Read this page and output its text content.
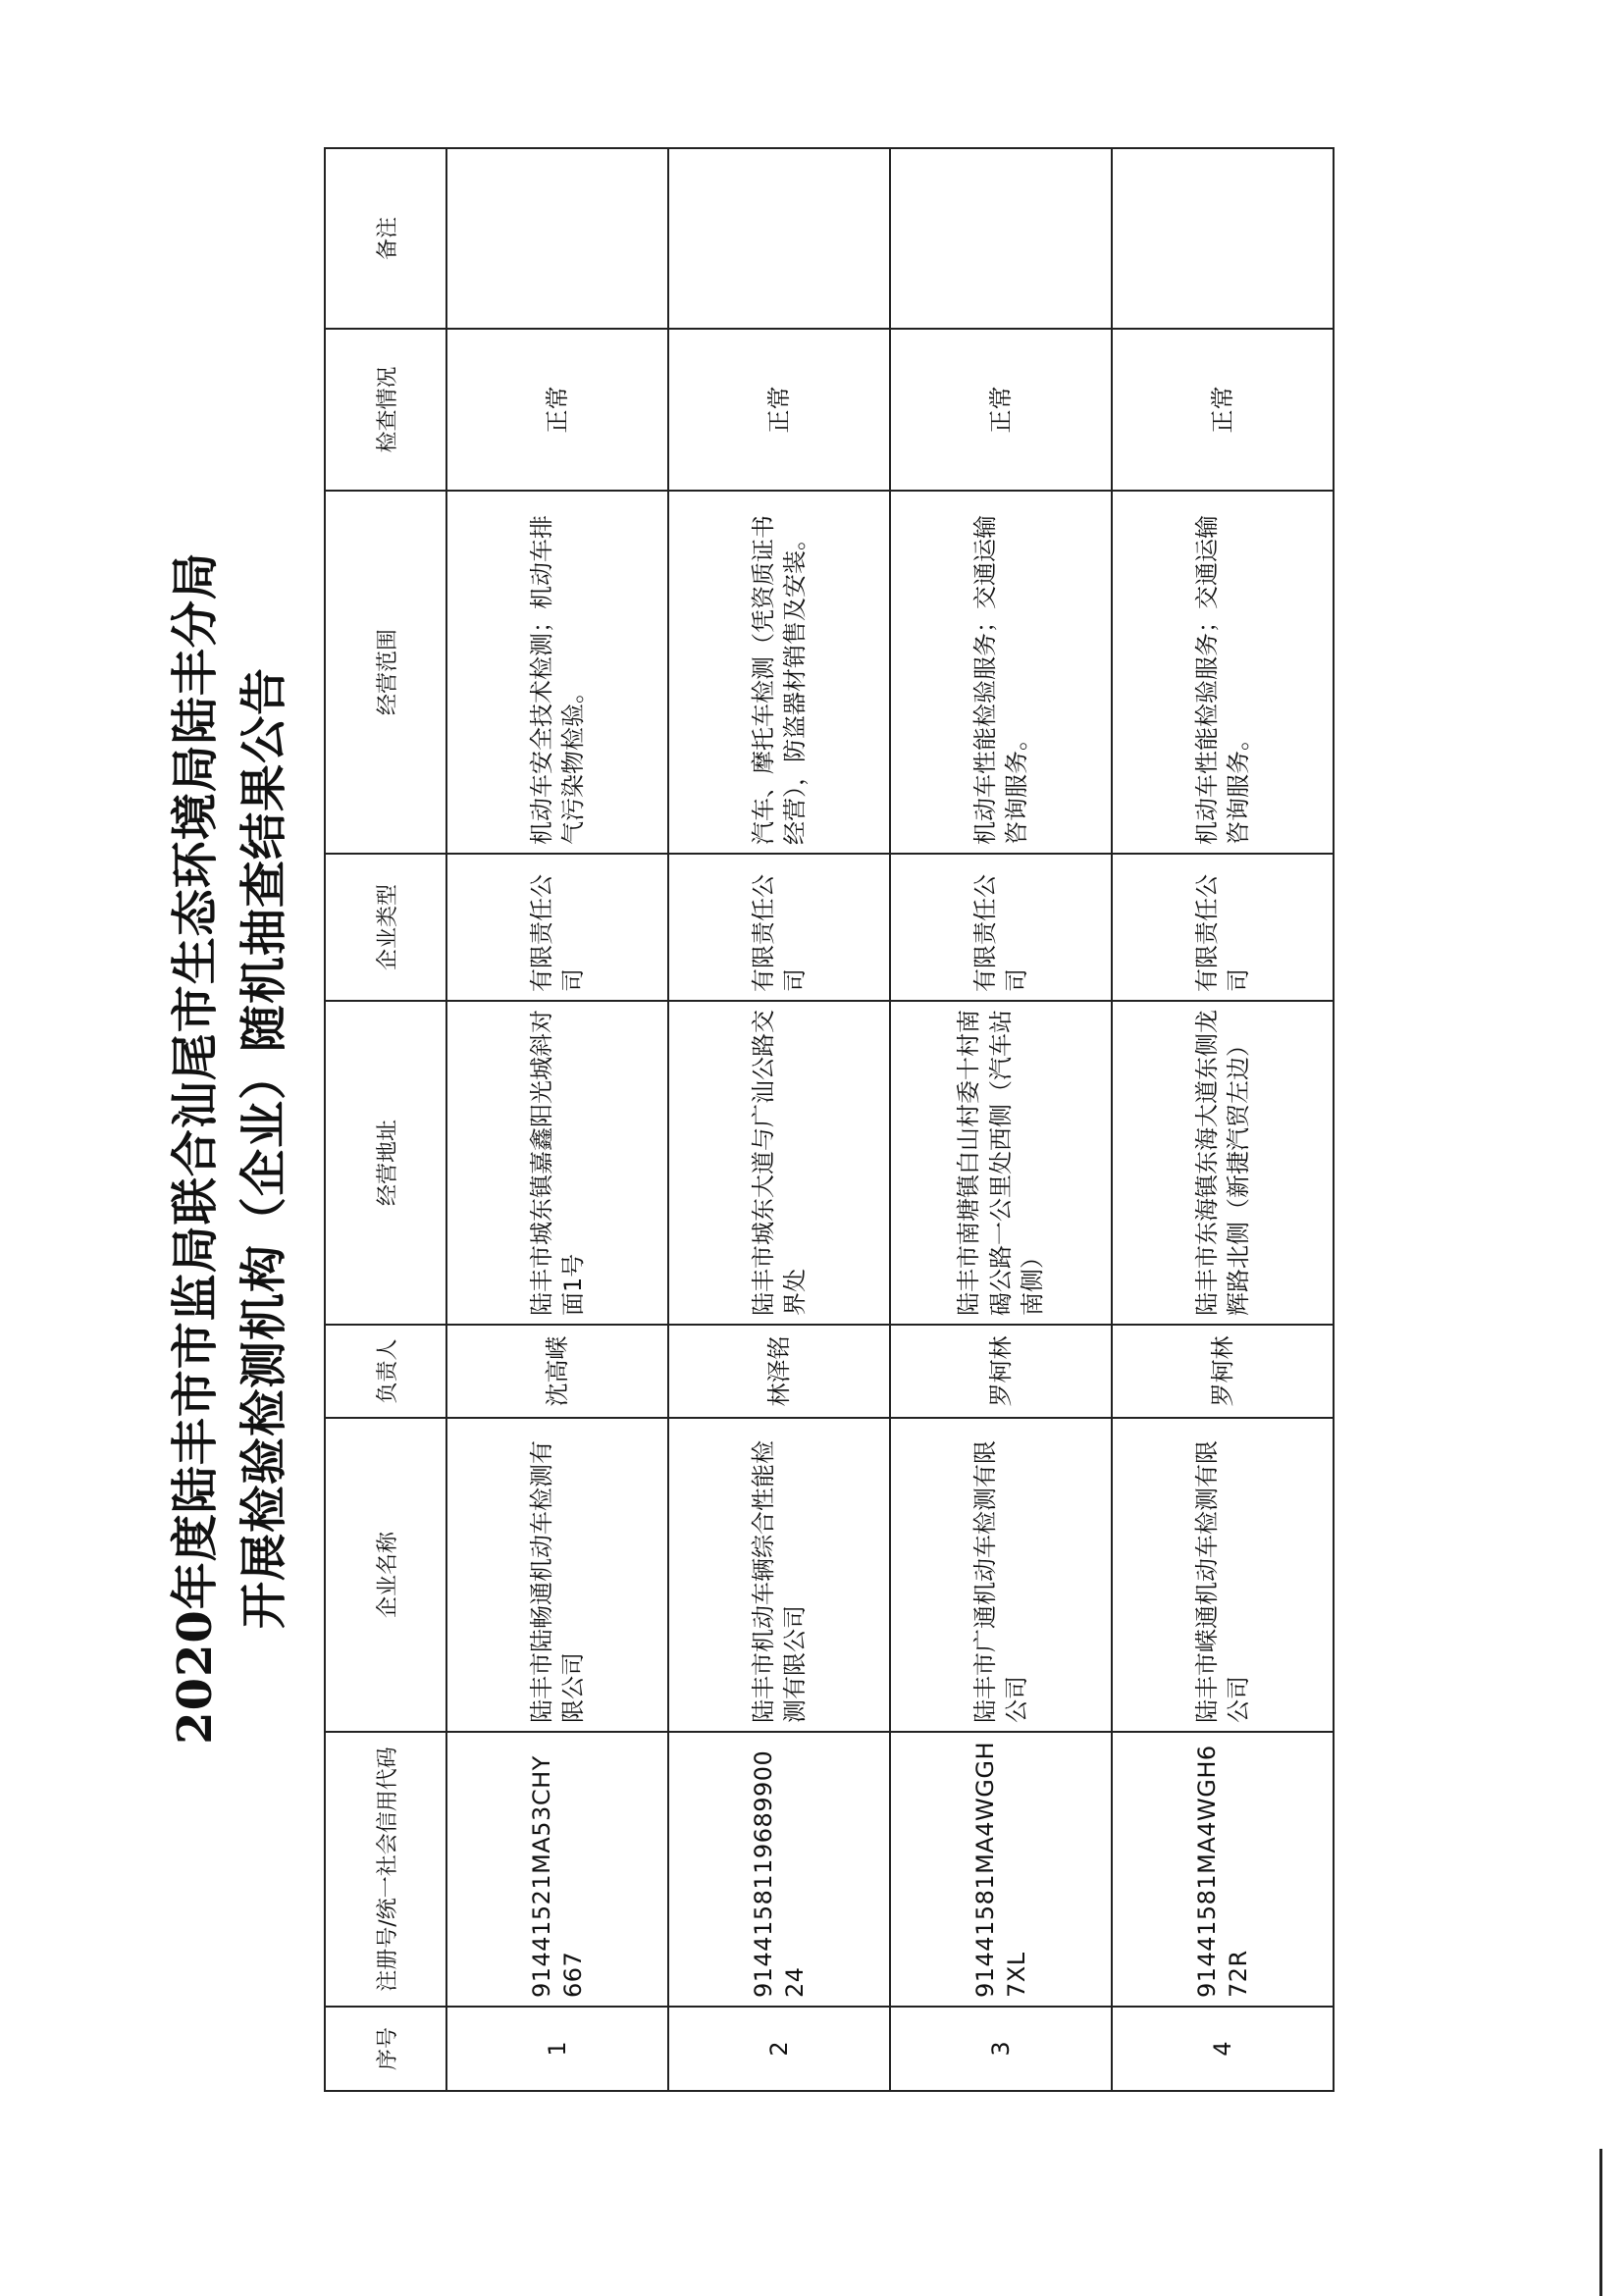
2020年度陆丰市市监局联合汕尾市生态环境局陆丰分局 开展检验检测机构（企业）随机抽查结果公告
序号	注册号/统一社会信用代码	企业名称	负责人	经营地址	企业类型	经营范围	检查情况	备注
1	91441521MA53CHY667	陆丰市陆畅通机动车检测有限公司	沈高嵘	陆丰市城东镇嘉鑫阳光城斜对面1号	有限责任公司	机动车安全技术检测；机动车排气污染物检验。	正常	
2	914415811968990024	陆丰市机动车辆综合性能检测有限公司	林泽铭	陆丰市城东大道与广汕公路交界处	有限责任公司	汽车、摩托车检测（凭资质证书经营），防盗器材销售及安装。	正常	
3	91441581MA4WGGH7XL	陆丰市广通机动车检测有限公司	罗柯林	陆丰市南塘镇白山村委十村南碣公路一公里处西侧（汽车站南侧）	有限责任公司	机动车性能检验服务；交通运输咨询服务。	正常	
4	91441581MA4WGH672R	陆丰市嵘通机动车检测有限公司	罗柯林	陆丰市东海镇东海大道东侧龙辉路北侧（新捷汽贸左边）	有限责任公司	机动车性能检验服务；交通运输咨询服务。	正常	
